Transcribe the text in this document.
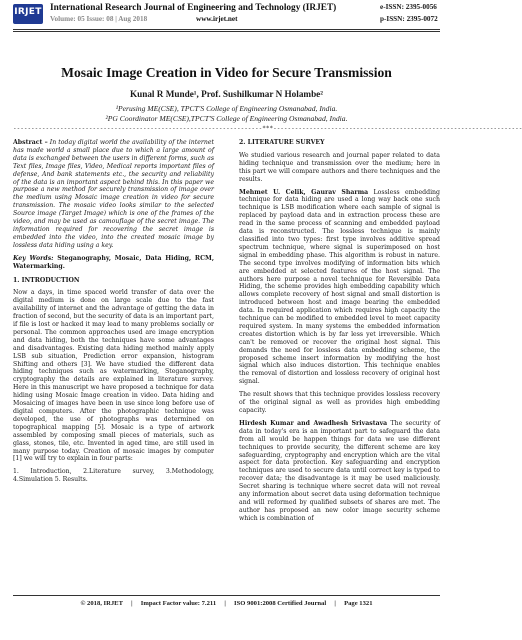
IRJET International Research Journal of Engineering and Technology (IRJET)
Volume: 05 Issue: 08 | Aug 2018	www.irjet.net
e-ISSN: 2395-0056
p-ISSN: 2395-0072
Mosaic Image Creation in Video for Secure Transmission
Kunal R Munde¹, Prof. Sushilkumar N Holambe²
¹Perusing ME(CSE), TPCT'S College of Engineering Osmanabad, India.
²PG Coordinator ME(CSE),TPCT'S College of Engineering Osmanabad, India.
---------------------------------------------------------------------***---------------------------------------------------------------------

Abstract – In today digital world the availability of the internet has made world a small place due to which a large amount of data is exchanged between the users in different forms, such as Text files, Image files, Video, Medical reports important files of defense, And bank statements etc., the security and reliability of the data is an important aspect behind this. In this paper we purpose a new method for securely transmission of image over the medium using Mosaic image creation in video for secure transmission. The mosaic video looks similar to the selected Source image (Target Image) which is one of the frames of the video, and may be used as camouflage of the secret image. The information required for recovering the secret image is embedded into the video, into the created mosaic image by lossless data hiding using a key.

Key Words: Steganography, Mosaic, Data Hiding, RCM, Watermarking.

1. INTRODUCTION

Now a days, in time spaced world transfer of data over the digital medium is done on large scale due to the fast availability of internet and the advantage of getting the data in fraction of second, but the security of data is an important part, if file is lost or hacked it may lead to many problems socially or personal. The common approaches used are image encryption and data hiding, both the techniques have some advantages and disadvantages. Existing data hiding method mainly apply LSB sub situation, Prediction error expansion, histogram Shifting and others [3]. We have studied the different data hiding techniques such as watermarking, Steganography, cryptography the details are explained in literature survey. Here in this manuscript we have proposed a technique for data hiding using Mosaic Image creation in video. Data hiding and Mosaicing of images have been in use since long before use of digital computers. After the photographic technique was developed, the use of photographs was determined on topographical mapping [5]. Mosaic is a type of artwork assembled by composing small pieces of materials, such as glass, stones, tile, etc. Invented in aged time, are still used in many purpose today. Creation of mosaic images by computer [1] we will try to explain in four parts:

1. Introduction, 2.Literature survey, 3.Methodology, 4.Simulation 5. Results.

2. LITERATURE SURVEY

We studied various research and journal paper related to data hiding technique and transmission over the medium; here in this part we will compare authors and there techniques and the results.

Mehmet U. Celik, Gaurav Sharma Lossless embedding technique for data hiding are used a long way back one such technique is LSB modification where each sample of signal is replaced by payload data and in extraction process these are read in the same process of scanning and embedded payload data is reconstructed. The lossless technique is mainly classified into two types: first type involves additive spread spectrum technique, where signal is superimposed on host signal in embedding phase. This algorithm is robust in nature. The second type involves modifying of information bits which are embedded at selected features of the host signal. The authors here purpose a novel technique for Reversible Data Hiding, the scheme provides high embedding capability which allows complete recovery of host signal and small distortion is introduced between host and image bearing the embedded data. In required application which requires high capacity the technique can be modified to embedded level to meet capacity required system. In many systems the embedded information creates distortion which is by far less yet irreversible. Which can't be removed or recover the original host signal. This demands the need for lossless data embedding scheme, the proposed scheme insert information by modifying the host signal which also induces distortion. This technique enables the removal of distortion and lossless recovery of original host signal.

The result shows that this technique provides lossless recovery of the original signal as well as provides high embedding capacity.

Hirdesh Kumar and Awadhesh Srivastava The security of data in today's era is an important part to safeguard the data from all would be happen things for data we use different techniques to provide security, the different scheme are key safeguarding, cryptography and encryption which are the vital aspect for data protection. Key safeguarding and encryption techniques are used to secure data until correct key is typed to recover data; the disadvantage is it may be used maliciously. Secret sharing is technique where secret data will not reveal any information about secret data using deformation technique and will reformed by qualified subsets of shares are met. The author has proposed an new color image security scheme which is combination of

© 2018, IRJET     |     Impact Factor value: 7.211     |     ISO 9001:2008 Certified Journal     |     Page 1321
